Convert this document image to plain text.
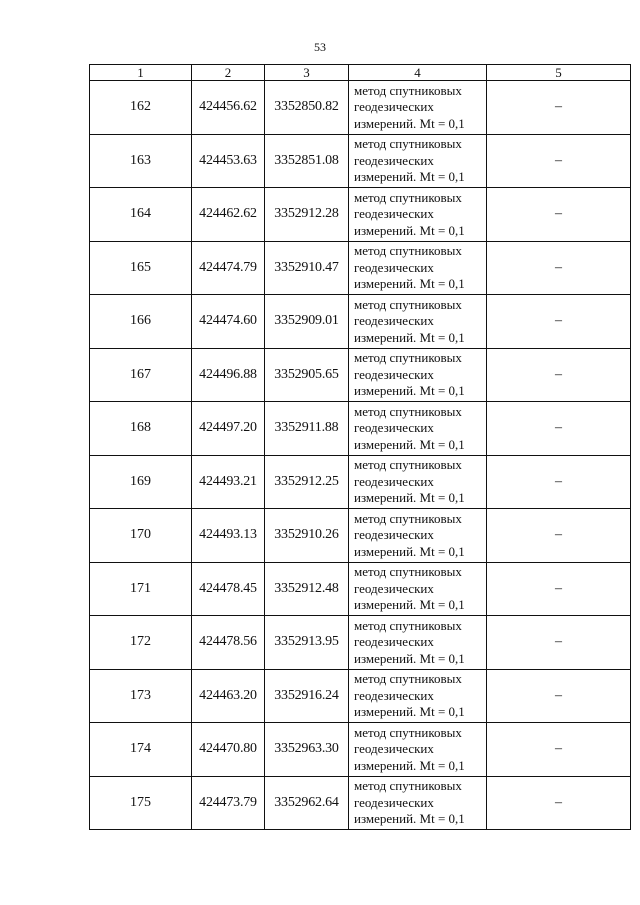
53
1	2	3	4	5
162	424456.62	3352850.82	метод спутниковых
геодезических
измерений. Mt = 0,1	–
163	424453.63	3352851.08	метод спутниковых
геодезических
измерений. Mt = 0,1	–
164	424462.62	3352912.28	метод спутниковых
геодезических
измерений. Mt = 0,1	–
165	424474.79	3352910.47	метод спутниковых
геодезических
измерений. Mt = 0,1	–
166	424474.60	3352909.01	метод спутниковых
геодезических
измерений. Mt = 0,1	–
167	424496.88	3352905.65	метод спутниковых
геодезических
измерений. Mt = 0,1	–
168	424497.20	3352911.88	метод спутниковых
геодезических
измерений. Mt = 0,1	–
169	424493.21	3352912.25	метод спутниковых
геодезических
измерений. Mt = 0,1	–
170	424493.13	3352910.26	метод спутниковых
геодезических
измерений. Mt = 0,1	–
171	424478.45	3352912.48	метод спутниковых
геодезических
измерений. Mt = 0,1	–
172	424478.56	3352913.95	метод спутниковых
геодезических
измерений. Mt = 0,1	–
173	424463.20	3352916.24	метод спутниковых
геодезических
измерений. Mt = 0,1	–
174	424470.80	3352963.30	метод спутниковых
геодезических
измерений. Mt = 0,1	–
175	424473.79	3352962.64	метод спутниковых
геодезических
измерений. Mt = 0,1	–
